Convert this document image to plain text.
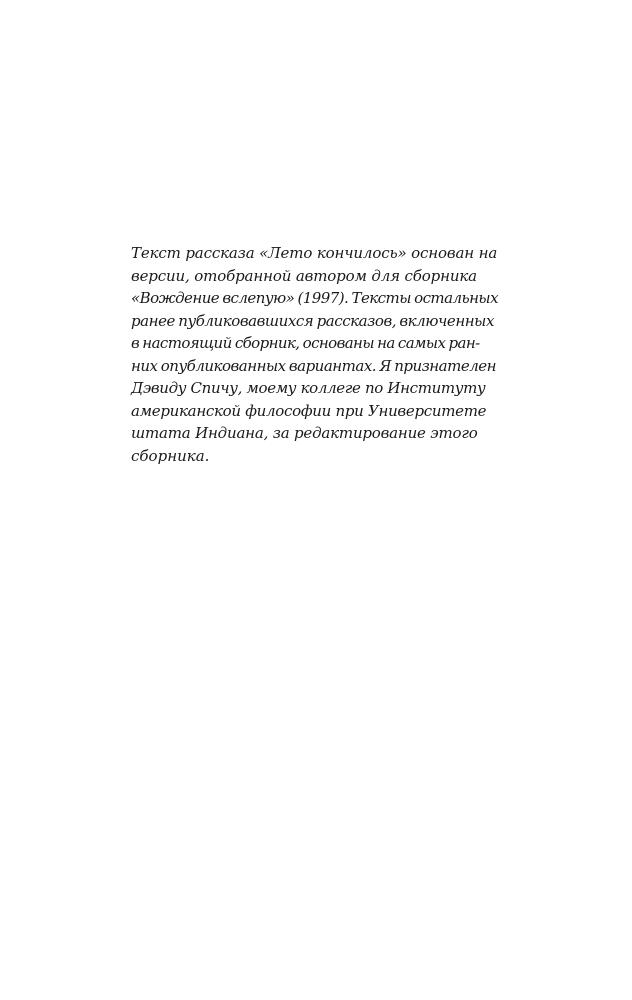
Текст рассказа «Лето кончилось» основан на
версии, отобранной автором для сборника
«Вождение вслепую» (1997). Тексты остальных
ранее публиковавшихся рассказов, включенных
в настоящий сборник, основаны на самых ран-
них опубликованных вариантах. Я признателен
Дэвиду Спичу, моему коллеге по Институту
американской философии при Университете
штата Индиана, за редактирование этого
сборника.
